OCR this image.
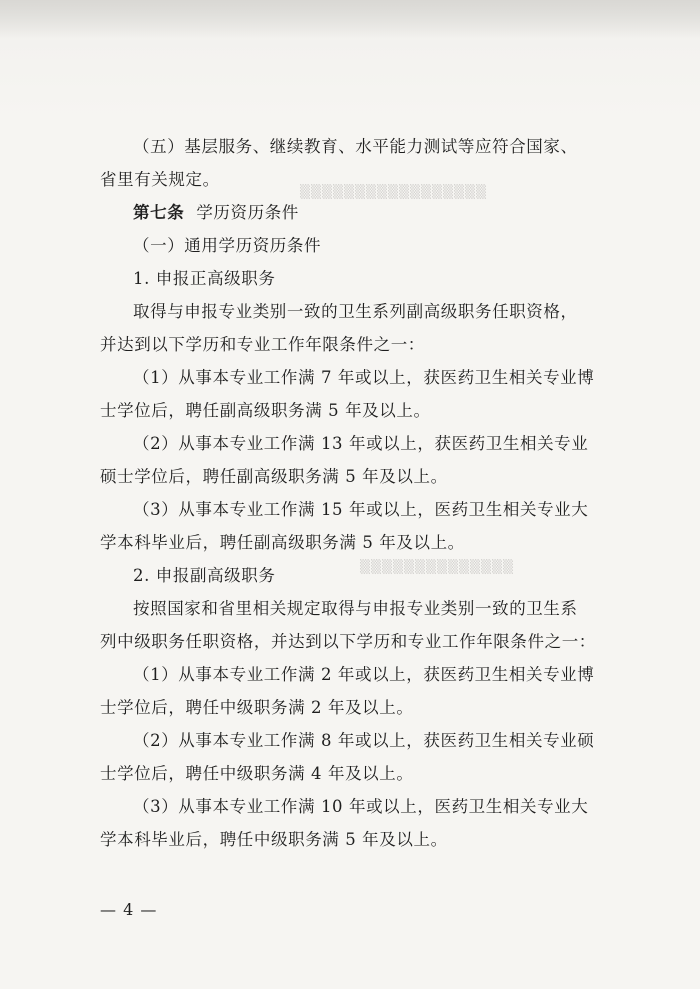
▒▒▒▒▒▒▒▒▒▒▒▒▒▒▒▒▒
▒▒▒▒▒▒▒▒▒▒▒▒▒▒
（五）基层服务、继续教育、水平能力测试等应符合国家、
省里有关规定。
第七条 学历资历条件
（一）通用学历资历条件
1. 申报正高级职务
取得与申报专业类别一致的卫生系列副高级职务任职资格，
并达到以下学历和专业工作年限条件之一：
（1）从事本专业工作满 7 年或以上，获医药卫生相关专业博
士学位后，聘任副高级职务满 5 年及以上。
（2）从事本专业工作满 13 年或以上，获医药卫生相关专业
硕士学位后，聘任副高级职务满 5 年及以上。
（3）从事本专业工作满 15 年或以上，医药卫生相关专业大
学本科毕业后，聘任副高级职务满 5 年及以上。
2. 申报副高级职务
按照国家和省里相关规定取得与申报专业类别一致的卫生系
列中级职务任职资格，并达到以下学历和专业工作年限条件之一：
（1）从事本专业工作满 2 年或以上，获医药卫生相关专业博
士学位后，聘任中级职务满 2 年及以上。
（2）从事本专业工作满 8 年或以上，获医药卫生相关专业硕
士学位后，聘任中级职务满 4 年及以上。
（3）从事本专业工作满 10 年或以上，医药卫生相关专业大
学本科毕业后，聘任中级职务满 5 年及以上。
— 4 —
